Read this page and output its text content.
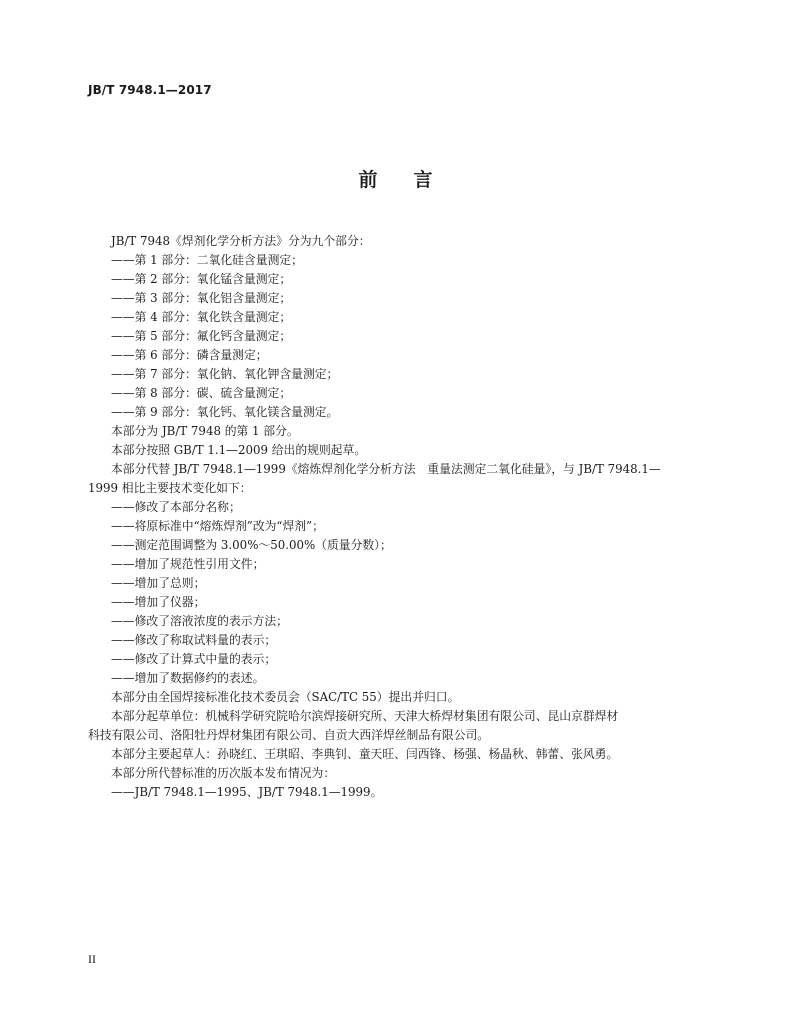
JB/T 7948.1—2017
前言

JB/T 7948《焊剂化学分析方法》分为九个部分：

——第 1 部分：二氧化硅含量测定；

——第 2 部分：氧化锰含量测定；

——第 3 部分：氧化铝含量测定；

——第 4 部分：氧化铁含量测定；

——第 5 部分：氟化钙含量测定；

——第 6 部分：磷含量测定；

——第 7 部分：氧化钠、氧化钾含量测定；

——第 8 部分：碳、硫含量测定；

——第 9 部分：氧化钙、氧化镁含量测定。

本部分为 JB/T 7948 的第 1 部分。

本部分按照 GB/T 1.1—2009 给出的规则起草。

本部分代替 JB/T 7948.1—1999《熔炼焊剂化学分析方法　重量法测定二氧化硅量》，与 JB/T 7948.1—

1999 相比主要技术变化如下：

——修改了本部分名称；

——将原标准中“熔炼焊剂”改为“焊剂”；

——测定范围调整为 3.00%～50.00%（质量分数）；

——增加了规范性引用文件；

——增加了总则；

——增加了仪器；

——修改了溶液浓度的表示方法；

——修改了称取试料量的表示；

——修改了计算式中量的表示；

——增加了数据修约的表述。

本部分由全国焊接标准化技术委员会（SAC/TC 55）提出并归口。

本部分起草单位：机械科学研究院哈尔滨焊接研究所、天津大桥焊材集团有限公司、昆山京群焊材

科技有限公司、洛阳牡丹焊材集团有限公司、自贡大西洋焊丝制品有限公司。

本部分主要起草人：孙晓红、王琪昭、李典钊、童天旺、闫西锋、杨强、杨晶秋、韩蕾、张风勇。

本部分所代替标准的历次版本发布情况为：

——JB/T 7948.1—1995、JB/T 7948.1—1999。

II
